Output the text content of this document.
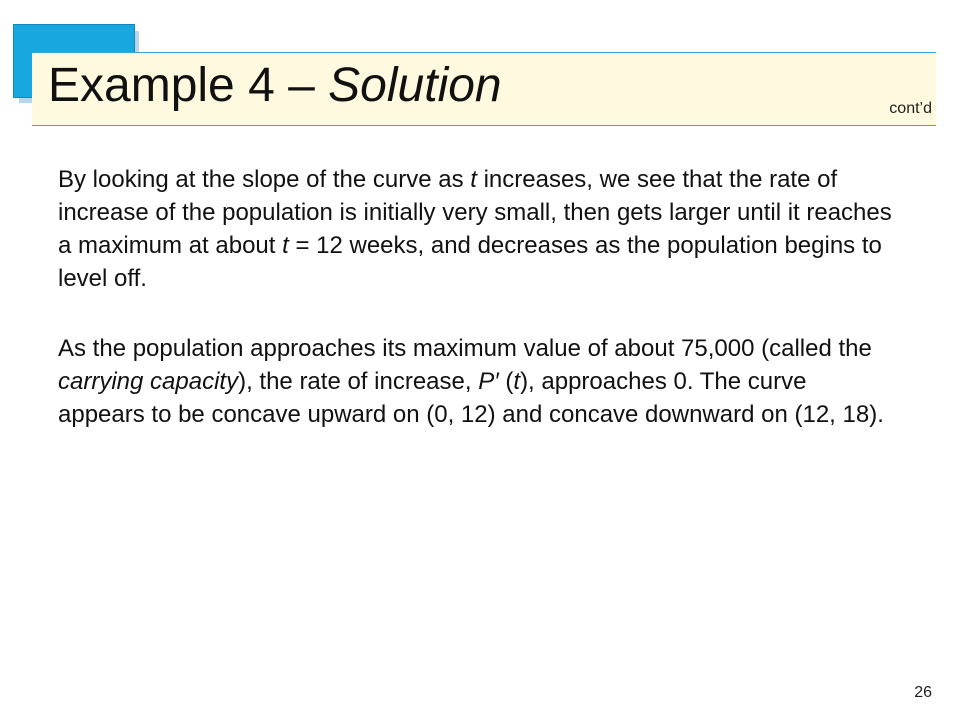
Example 4 – Solution	cont’d

By looking at the slope of the curve as t increases, we see that the rate of increase of the population is initially very small, then gets larger until it reaches a maximum at about t = 12 weeks, and decreases as the population begins to level off.

As the population approaches its maximum value of about 75,000 (called the carrying capacity), the rate of increase, P′ (t), approaches 0. The curve appears to be concave upward on (0, 12) and concave downward on (12, 18).

26
